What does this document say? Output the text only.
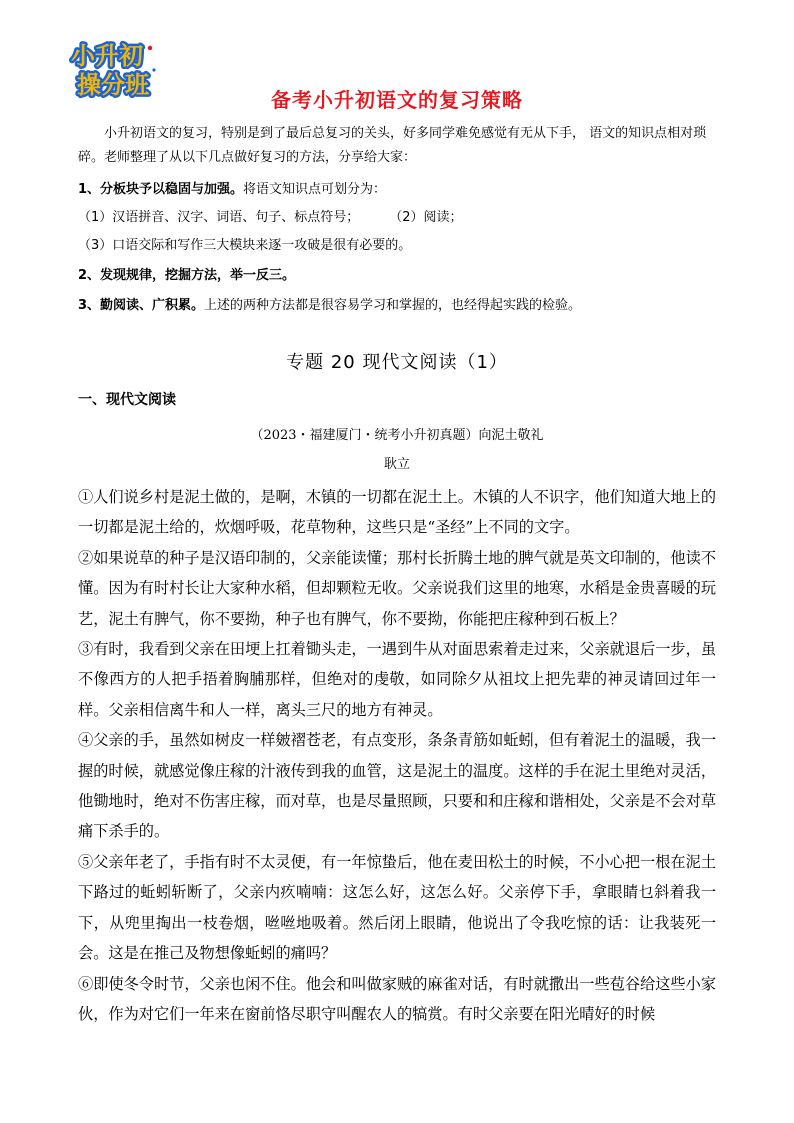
小升初
操分班
备考小升初语文的复习策略

小升初语文的复习，特别是到了最后总复习的关头，好多同学难免感觉有无从下手， 语文的知识点相对琐碎。老师整理了从以下几点做好复习的方法，分享给大家：

1、分板块予以稳固与加强。将语文知识点可划分为：

（1）汉语拼音、汉字、词语、句子、标点符号； （2）阅读；

（3）口语交际和写作三大模块来逐一攻破是很有必要的。

2、发现规律，挖掘方法，举一反三。

3、勤阅读、广积累。上述的两种方法都是很容易学习和掌握的，也经得起实践的检验。

专题 20 现代文阅读（1）
一、现代文阅读
（2023・福建厦门・统考小升初真题）向泥土敬礼
耿立

①人们说乡村是泥土做的，是啊，木镇的一切都在泥土上。木镇的人不识字，他们知道大地上的一切都是泥土给的，炊烟呼吸，花草物种，这些只是“圣经”上不同的文字。

②如果说草的种子是汉语印制的，父亲能读懂；那村长折腾土地的脾气就是英文印制的，他读不懂。因为有时村长让大家种水稻，但却颗粒无收。父亲说我们这里的地寒，水稻是金贵喜暖的玩艺，泥土有脾气，你不要拗，种子也有脾气，你不要拗，你能把庄稼种到石板上？

③有时，我看到父亲在田埂上扛着锄头走，一遇到牛从对面思索着走过来，父亲就退后一步，虽不像西方的人把手捂着胸脯那样，但绝对的虔敬，如同除夕从祖坟上把先辈的神灵请回过年一样。父亲相信离牛和人一样，离头三尺的地方有神灵。

④父亲的手，虽然如树皮一样皴褶苍老，有点变形，条条青筋如蚯蚓，但有着泥土的温暖，我一握的时候，就感觉像庄稼的汁液传到我的血管，这是泥土的温度。这样的手在泥土里绝对灵活，他锄地时，绝对不伤害庄稼，而对草，也是尽量照顾，只要和和庄稼和谐相处，父亲是不会对草痛下杀手的。

⑤父亲年老了，手指有时不太灵便，有一年惊蛰后，他在麦田松土的时候，不小心把一根在泥土下路过的蚯蚓斩断了，父亲内疚喃喃：这怎么好，这怎么好。父亲停下手，拿眼睛乜斜着我一下，从兜里掏出一枝卷烟，咝咝地吸着。然后闭上眼睛，他说出了令我吃惊的话：让我装死一会。这是在推己及物想像蚯蚓的痛吗？

⑥即使冬令时节，父亲也闲不住。他会和叫做家贼的麻雀对话，有时就撒出一些苞谷给这些小家伙，作为对它们一年来在窗前恪尽职守叫醒农人的犒赏。有时父亲要在阳光晴好的时候
